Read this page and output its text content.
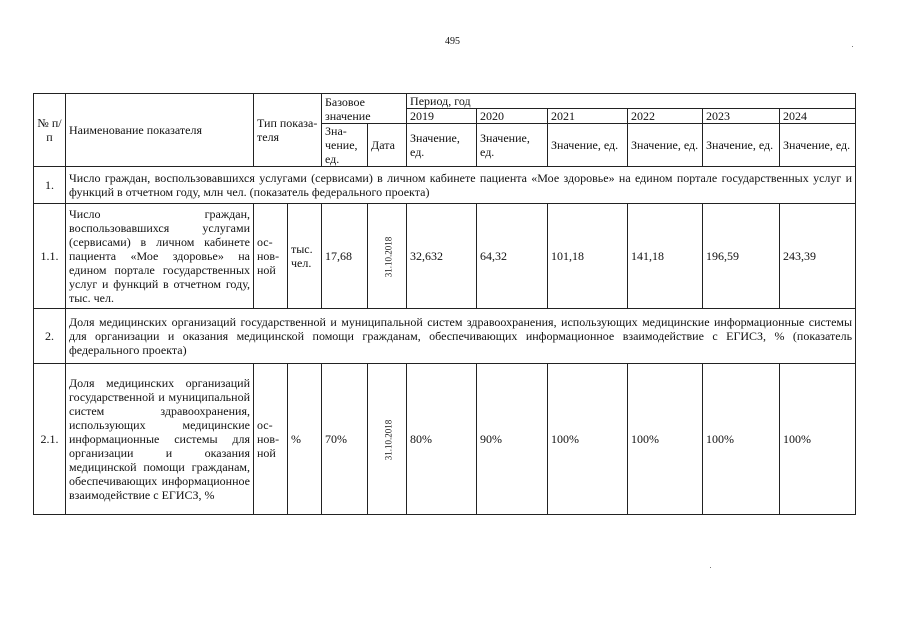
495
№ п/п	Наименование показателя	Тип показа-теля		Базовое значение		Период, год					
						2019	2020	2021	2022	2023	2024
				Зна-чение, ед.	Дата	Значение, ед.	Значение, ед.	Значение, ед.	Значение, ед.	Значение, ед.	Значение, ед.
1.	Число граждан, воспользовавшихся услугами (сервисами) в личном кабинете пациента «Мое здоровье» на едином портале государственных услуг и функций в отчетном году, млн чел. (показатель федерального проекта)										
1.1.	Число граждан, воспользовавшихся услугами (сервисами) в личном кабинете пациента «Мое здоровье» на едином портале государственных услуг и функций в отчетном году, тыс. чел.	ос-нов-ной	тыс. чел.	17,68	31.10.2018	32,632	64,32	101,18	141,18	196,59	243,39
2.	Доля медицинских организаций государственной и муниципальной систем здравоохранения, использующих медицинские информационные системы для организации и оказания медицинской помощи гражданам, обеспечивающих информационное взаимодействие с ЕГИСЗ, % (показатель федерального проекта)										
2.1.	Доля медицинских организаций государственной и муниципальной систем здравоохранения, использующих медицинские информационные системы для организации и оказания медицинской помощи гражданам, обеспечивающих информационное взаимодействие с ЕГИСЗ, %	ос-нов-ной	%	70%	31.10.2018	80%	90%	100%	100%	100%	100%
